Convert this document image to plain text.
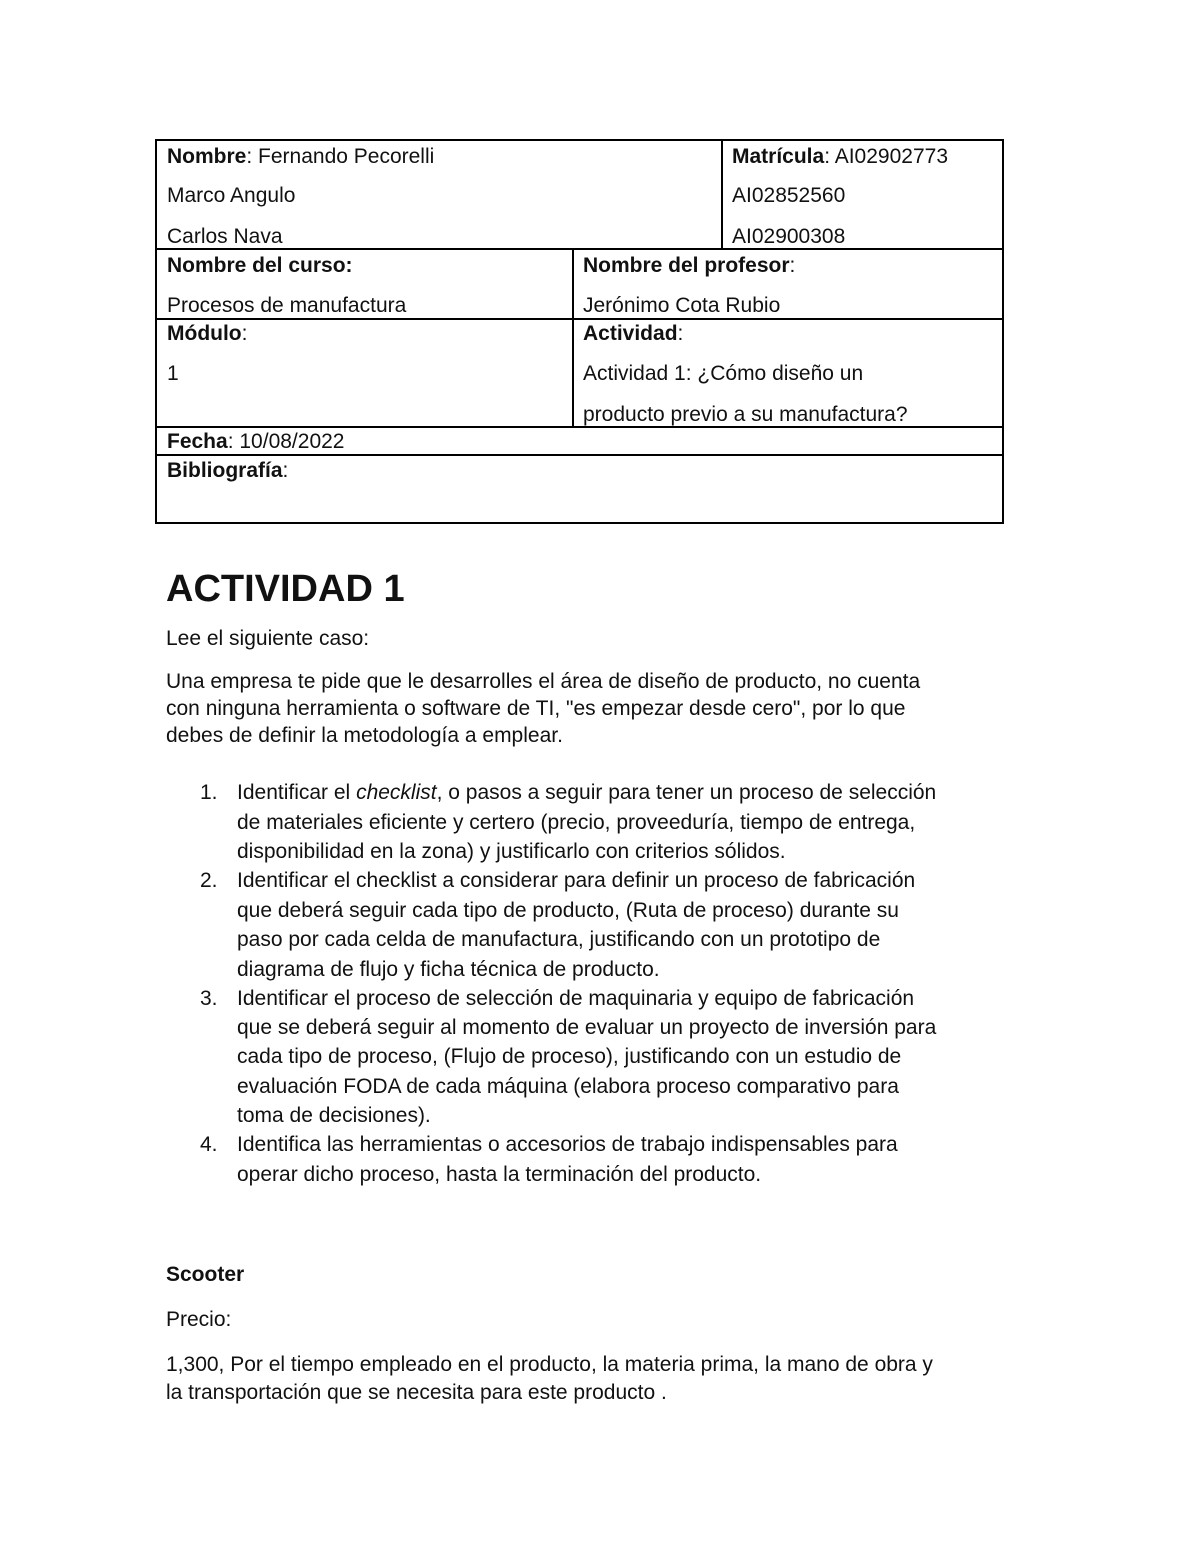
Nombre: Fernando Pecorelli
Marco Angulo
Carlos Nava
Matrícula: AI02902773
AI02852560
AI02900308
Nombre del curso:
Procesos de manufactura
Nombre del profesor:
Jerónimo Cota Rubio
Módulo:
1
Actividad:
Actividad 1: ¿Cómo diseño un
producto previo a su manufactura?
Fecha: 10/08/2022
Bibliografía:
ACTIVIDAD 1
Lee el siguiente caso:
Una empresa te pide que le desarrolles el área de diseño de producto, no cuenta
con ninguna herramienta o software de TI, "es empezar desde cero", por lo que
debes de definir la metodología a emplear.
1. Identificar el checklist, o pasos a seguir para tener un proceso de selección
de materiales eficiente y certero (precio, proveeduría, tiempo de entrega,
disponibilidad en la zona) y justificarlo con criterios sólidos.
2. Identificar el checklist a considerar para definir un proceso de fabricación
que deberá seguir cada tipo de producto, (Ruta de proceso) durante su
paso por cada celda de manufactura, justificando con un prototipo de
diagrama de flujo y ficha técnica de producto.
3. Identificar el proceso de selección de maquinaria y equipo de fabricación
que se deberá seguir al momento de evaluar un proyecto de inversión para
cada tipo de proceso, (Flujo de proceso), justificando con un estudio de
evaluación FODA de cada máquina (elabora proceso comparativo para
toma de decisiones).
4. Identifica las herramientas o accesorios de trabajo indispensables para
operar dicho proceso, hasta la terminación del producto.
Scooter
Precio:
1,300, Por el tiempo empleado en el producto, la materia prima, la mano de obra y
la transportación que se necesita para este producto .
